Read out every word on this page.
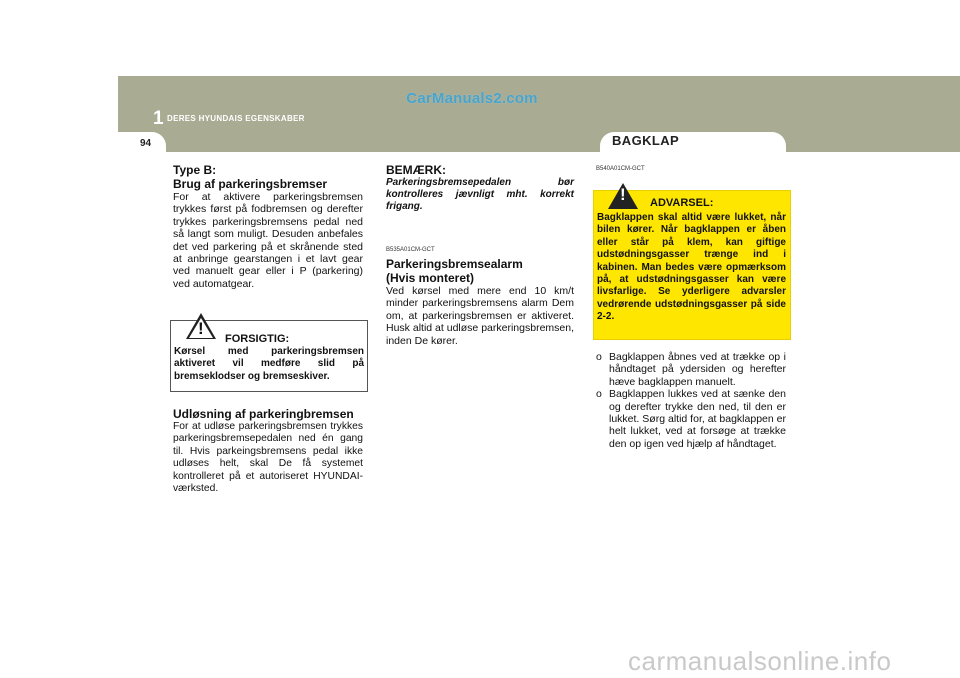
CarManuals2.com
1 DERES HYUNDAIS EGENSKABER
94	BAGKLAP
Type B:
Brug af parkeringsbremser

For at aktivere parkeringsbremsen trykkes først på fodbremsen og derefter trykkes parkeringsbremsens pedal ned så langt som muligt. Desuden anbefales det ved parkering på et skrånende sted at anbringe gearstangen i et lavt gear ved manuelt gear eller i P (parkering) ved automatgear.

!
FORSIGTIG:

Kørsel med parkeringsbremsen aktiveret vil medføre slid på bremseklodser og bremseskiver.

Udløsning af parkeringbremsen

For at udløse parkeringsbremsen trykkes parkeringsbremsepedalen ned én gang til. Hvis parkeingsbremsens pedal ikke udløses helt, skal De få systemet kontrolleret på et autoriseret HYUNDAI-værksted.

BEMÆRK:

Parkeringsbremsepedalen bør kontrolleres jævnligt mht. korrekt frigang.

B535A01CM-GCT

Parkeringsbremsealarm
(Hvis monteret)

Ved kørsel med mere end 10 km/t minder parkeringsbremsens alarm Dem om, at parkeringsbremsen er aktiveret. Husk altid at udløse parkeringsbremsen, inden De kører.

B540A01CM-GCT

! ADVARSEL:

Bagklappen skal altid være lukket, når bilen kører. Når bagklappen er åben eller står på klem, kan giftige udstødningsgasser trænge ind i kabinen. Man bedes være opmærksom på, at udstødningsgasser kan være livsfarlige. Se yderligere advarsler vedrørende udstødningsgasser på side 2-2.

o Bagklappen åbnes ved at trække op i håndtaget på ydersiden og herefter hæve bagklappen manuelt.
o Bagklappen lukkes ved at sænke den og derefter trykke den ned, til den er lukket. Sørg altid for, at bagklappen er helt lukket, ved at forsøge at trække den op igen ved hjælp af håndtaget.
carmanualsonline.info
